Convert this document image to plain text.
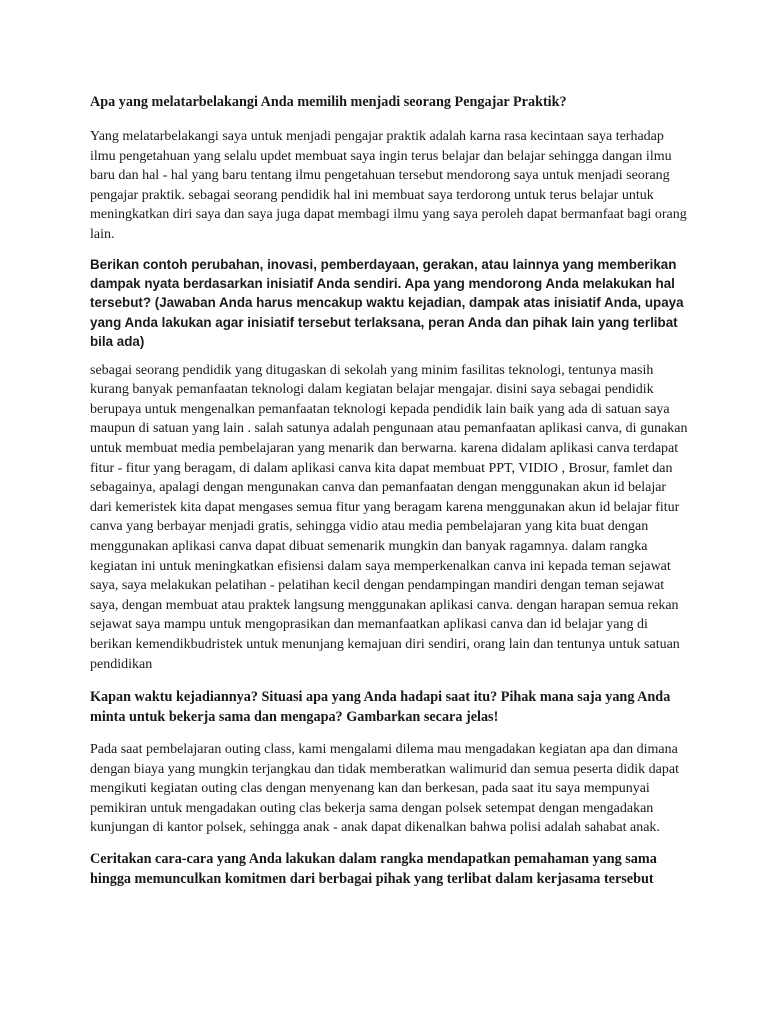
Apa yang melatarbelakangi Anda memilih menjadi seorang Pengajar Praktik?

Yang melatarbelakangi saya untuk menjadi pengajar praktik adalah karna rasa kecintaan saya terhadap ilmu pengetahuan yang selalu updet membuat saya ingin terus belajar dan belajar sehingga dangan ilmu baru dan hal - hal yang baru tentang ilmu pengetahuan tersebut mendorong saya untuk menjadi seorang pengajar praktik. sebagai seorang pendidik hal ini membuat saya terdorong untuk terus belajar untuk meningkatkan diri saya dan saya juga dapat membagi ilmu yang saya peroleh dapat bermanfaat bagi orang lain.

Berikan contoh perubahan, inovasi, pemberdayaan, gerakan, atau lainnya yang memberikan dampak nyata berdasarkan inisiatif Anda sendiri. Apa yang mendorong Anda melakukan hal tersebut? (Jawaban Anda harus mencakup waktu kejadian, dampak atas inisiatif Anda, upaya yang Anda lakukan agar inisiatif tersebut terlaksana, peran Anda dan pihak lain yang terlibat bila ada)

sebagai seorang pendidik yang ditugaskan di sekolah yang minim fasilitas teknologi, tentunya masih kurang banyak pemanfaatan teknologi dalam kegiatan belajar mengajar. disini saya sebagai pendidik berupaya untuk mengenalkan pemanfaatan teknologi kepada pendidik lain baik yang ada di satuan saya maupun di satuan yang lain . salah satunya adalah pengunaan atau pemanfaatan aplikasi canva, di gunakan untuk membuat media pembelajaran yang menarik dan berwarna. karena didalam aplikasi canva terdapat fitur - fitur yang beragam, di dalam aplikasi canva kita dapat membuat PPT, VIDIO , Brosur, famlet dan sebagainya, apalagi dengan mengunakan canva dan pemanfaatan dengan menggunakan akun id belajar dari kemeristek kita dapat mengases semua fitur yang beragam karena menggunakan akun id belajar fitur canva yang berbayar menjadi gratis, sehingga vidio atau media pembelajaran yang kita buat dengan menggunakan aplikasi canva dapat dibuat semenarik mungkin dan banyak ragamnya. dalam rangka kegiatan ini untuk meningkatkan efisiensi dalam saya memperkenalkan canva ini kepada teman sejawat saya, saya melakukan pelatihan - pelatihan kecil dengan pendampingan mandiri dengan teman sejawat saya, dengan membuat atau praktek langsung menggunakan aplikasi canva. dengan harapan semua rekan sejawat saya mampu untuk mengoprasikan dan memanfaatkan aplikasi canva dan id belajar yang di berikan kemendikbudristek untuk menunjang kemajuan diri sendiri, orang lain dan tentunya untuk satuan pendidikan

Kapan waktu kejadiannya? Situasi apa yang Anda hadapi saat itu? Pihak mana saja yang Anda minta untuk bekerja sama dan mengapa? Gambarkan secara jelas!

Pada saat pembelajaran outing class, kami mengalami dilema mau mengadakan kegiatan apa dan dimana dengan biaya yang mungkin terjangkau dan tidak memberatkan walimurid dan semua peserta didik dapat mengikuti kegiatan outing clas dengan menyenang kan dan berkesan, pada saat itu saya mempunyai pemikiran untuk mengadakan outing clas bekerja sama dengan polsek setempat dengan mengadakan kunjungan di kantor polsek, sehingga anak - anak dapat dikenalkan bahwa polisi adalah sahabat anak.

Ceritakan cara-cara yang Anda lakukan dalam rangka mendapatkan pemahaman yang sama hingga memunculkan komitmen dari berbagai pihak yang terlibat dalam kerjasama tersebut
